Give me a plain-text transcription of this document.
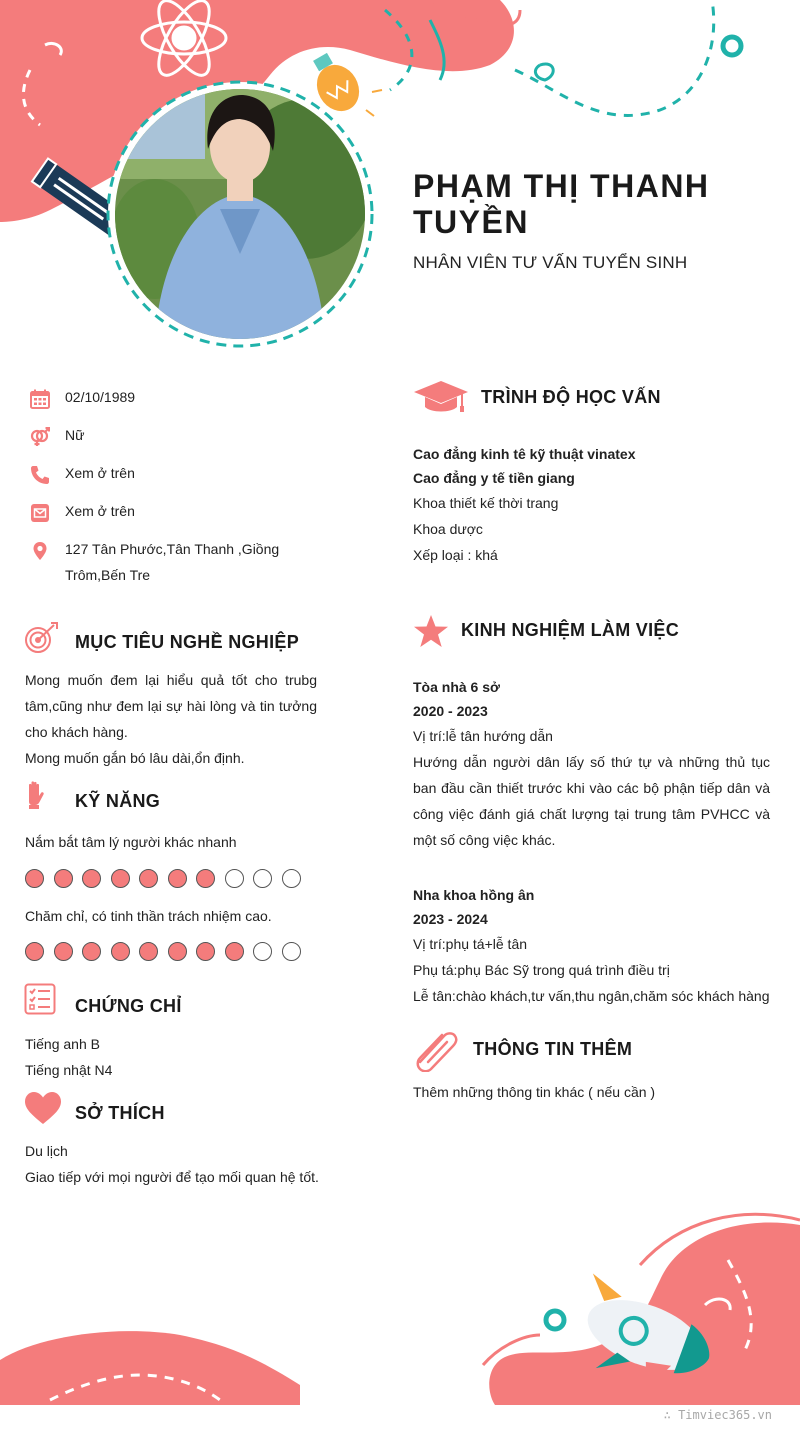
PHẠM THỊ THANH TUYỀN
NHÂN VIÊN TƯ VẤN TUYỂN SINH
02/10/1989
Nữ
Xem ở trên
Xem ở trên
127 Tân Phước,Tân Thanh ,Giồng Trôm,Bến Tre
MỤC TIÊU NGHỀ NGHIỆP

Mong muốn đem lại hiểu quả tốt cho trubg tâm,cũng như đem lại sự hài lòng và tin tưởng cho khách hàng.

Mong muốn gắn bó lâu dài,ổn định.

KỸ NĂNG
Nắm bắt tâm lý người khác nhanh
Chăm chỉ, có tinh thần trách nhiệm cao.
CHỨNG CHỈ
Tiếng anh B
Tiếng nhật N4
SỞ THÍCH
Du lịch
Giao tiếp với mọi người để tạo mối quan hệ tốt.
TRÌNH ĐỘ HỌC VẤN
Cao đẳng kinh tê kỹ thuật vinatex
Cao đẳng y tế tiền giang
Khoa thiết kế thời trang
Khoa dược
Xếp loại : khá
KINH NGHIỆM LÀM VIỆC
Tòa nhà 6 sở
2020 - 2023
Vị trí:lễ tân hướng dẫn
Hướng dẫn người dân lấy số thứ tự và những thủ tục ban đầu cần thiết trước khi vào các bộ phận tiếp dân và công việc đánh giá chất lượng tại trung tâm PVHCC và một số công việc khác.
Nha khoa hồng ân
2023 - 2024
Vị trí:phụ tá+lễ tân
Phụ tá:phụ Bác Sỹ trong quá trình điều trị
Lễ tân:chào khách,tư vấn,thu ngân,chăm sóc khách hàng
THÔNG TIN THÊM
Thêm những thông tin khác ( nếu cần )
∴ Timviec365.vn
